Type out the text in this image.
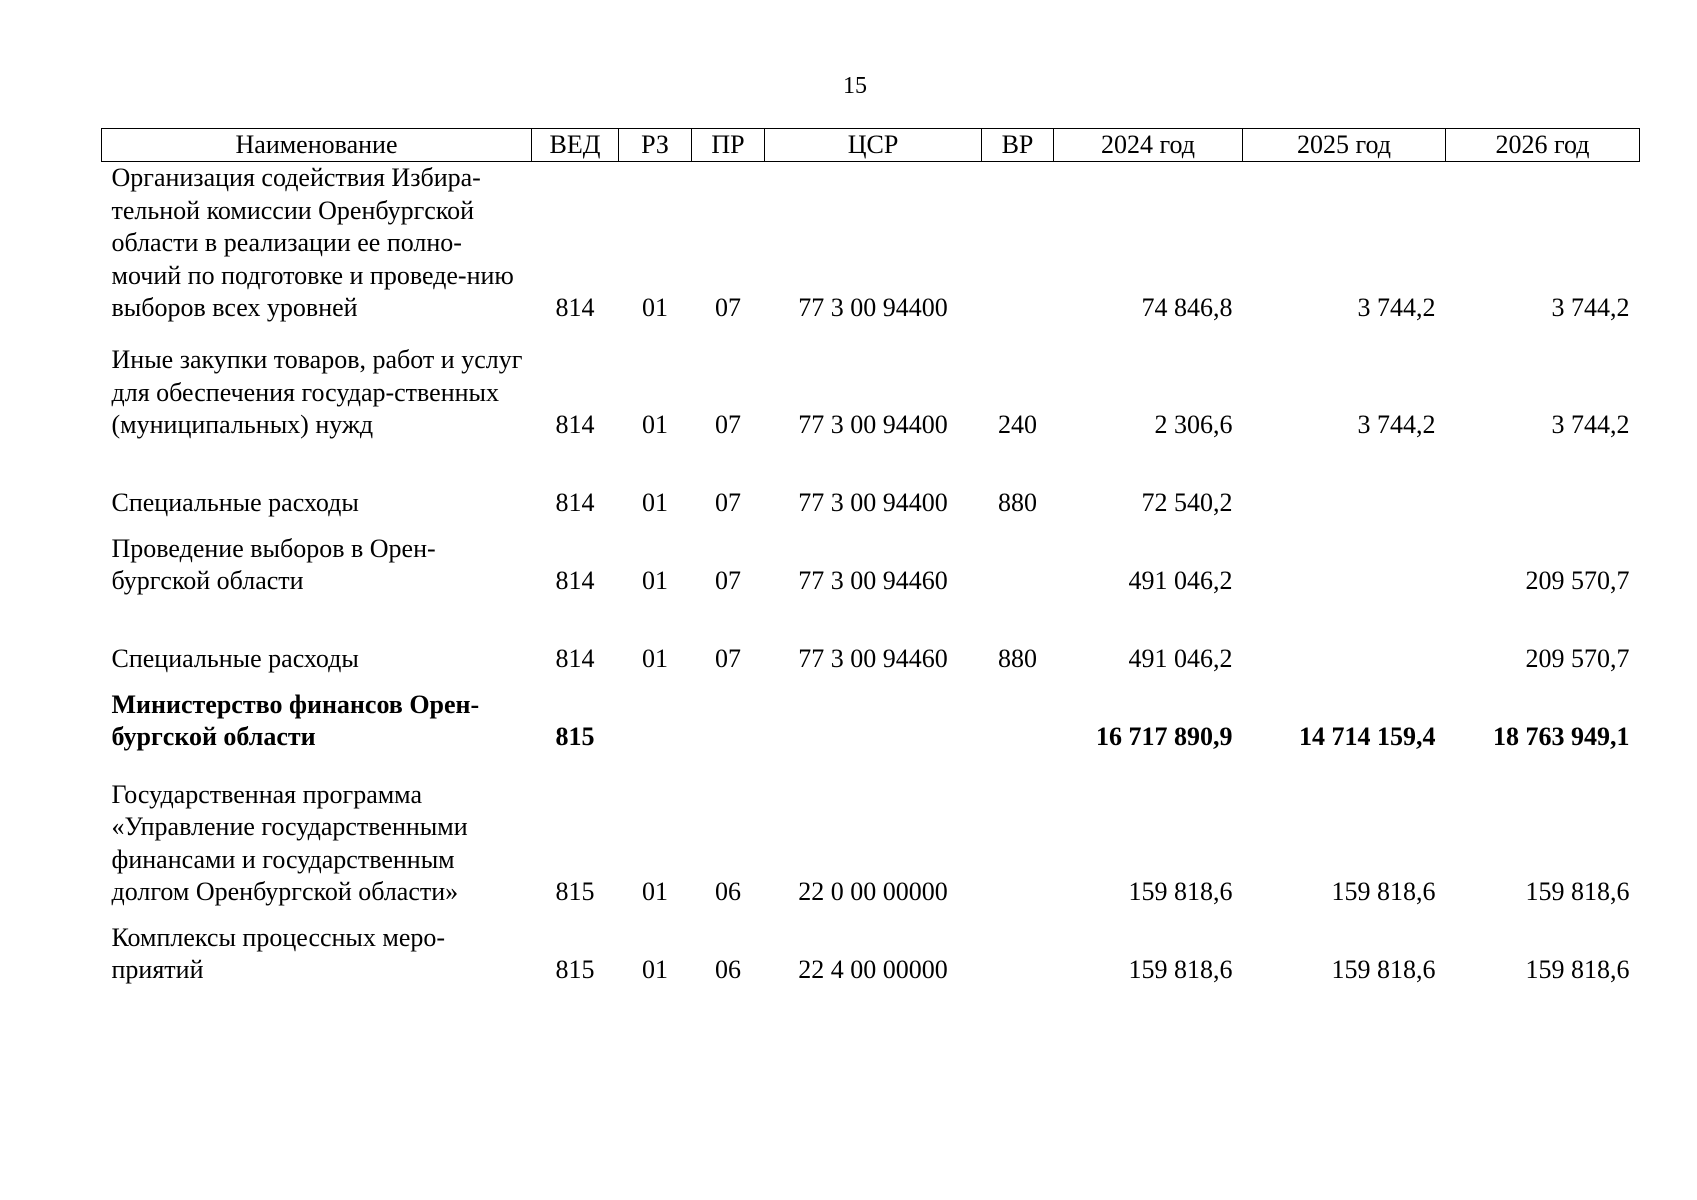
15
Наименование	ВЕД	РЗ	ПР	ЦСР	ВР	2024 год	2025 год	2026 год
Организация содействия Избира-тельной комиссии Оренбургской области в реализации ее полно-мочий по подготовке и проведе-нию выборов всех уровней	814	01	07	77 3 00 94400		74 846,8	3 744,2	3 744,2
Иные закупки товаров, работ и услуг для обеспечения государ-ственных (муниципальных) нужд	814	01	07	77 3 00 94400	240	2 306,6	3 744,2	3 744,2
Специальные расходы	814	01	07	77 3 00 94400	880	72 540,2		
Проведение выборов в Орен-бургской области	814	01	07	77 3 00 94460		491 046,2		209 570,7
Специальные расходы	814	01	07	77 3 00 94460	880	491 046,2		209 570,7
Министерство финансов Орен-бургской области	815					16 717 890,9	14 714 159,4	18 763 949,1
Государственная программа «Управление государственными финансами и государственным долгом Оренбургской области»	815	01	06	22 0 00 00000		159 818,6	159 818,6	159 818,6
Комплексы процессных меро-приятий	815	01	06	22 4 00 00000		159 818,6	159 818,6	159 818,6
